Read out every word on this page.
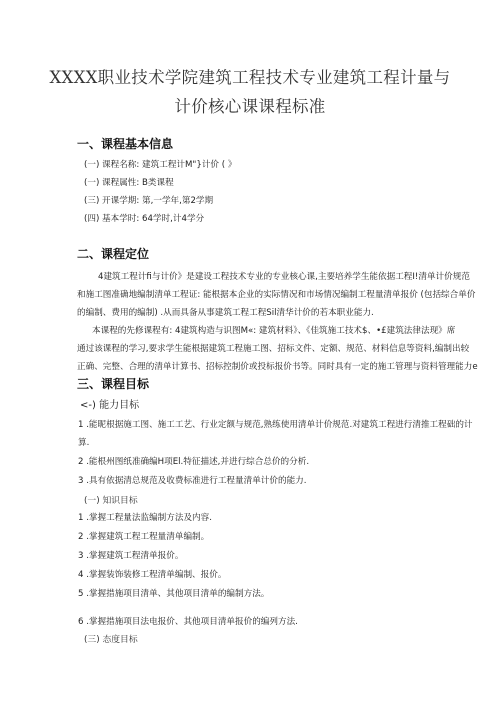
XXXX职业技术学院建筑工程技术专业建筑工程计量与
计价核心课课程标准
一、课程基本信息
(一) 课程名称: 建筑工程计M"}计价 ( 》
(一) 课程属性: B类课程
(三) 开课学期: 第,一学年,第2学期
(四) 基本学时: 64学时,计4学分
二、课程定位
4建筑工程计fi与计价》是建设工程技术专业的专业核心课,主要培养学生能依据工程I!清单计价规范
和施工图准确地编制清单工程证: 能根据本企业的实际情况和市场情况编制工程量清单报价 (包括综合单价
的编制、费用的编制) .从而具备从事建筑工程工程Sil清华计价的若本职业能力.
本课程的先修课程有: 4建筑构造与识图M«: 建筑材料》、《佳筑施工技术$、•£建筑法律法现》席
通过该课程的学习,要求学生能根据建筑工程施工图、招标文件、定额、规范、材料信息等资料,编制出较
正确、完整、合理的清单计算书、招标控制价或投标报价书等。同时具有一定的施工管理与资料管理能力e
三、课程目标
<-) 能力目标
1 .能昵根据施工图、施工工艺、行业定额与规范,熟练使用清单计价规范.对建筑工程进行清推工程础的计
算.
2 .能根州图纸准确编H项El.特征描述,并进行综合总价的分析.
3 .具有依据清总规范及收费标准进行工程量清单计价的能力.
(一) 知识目标
1 .掌握工程量法监编制方法及内容.
2 .掌握建筑工程工程量清单编制。
3 .掌握建筑工程清单报价。
4 .掌握装饰装修工程清单编制、报价。
5 .掌握措施项目清单、其他项目清单的编制方法。
6 .掌握措施项目法电报价、其他项目清单报价的编列方法.
(三) 态度目标
